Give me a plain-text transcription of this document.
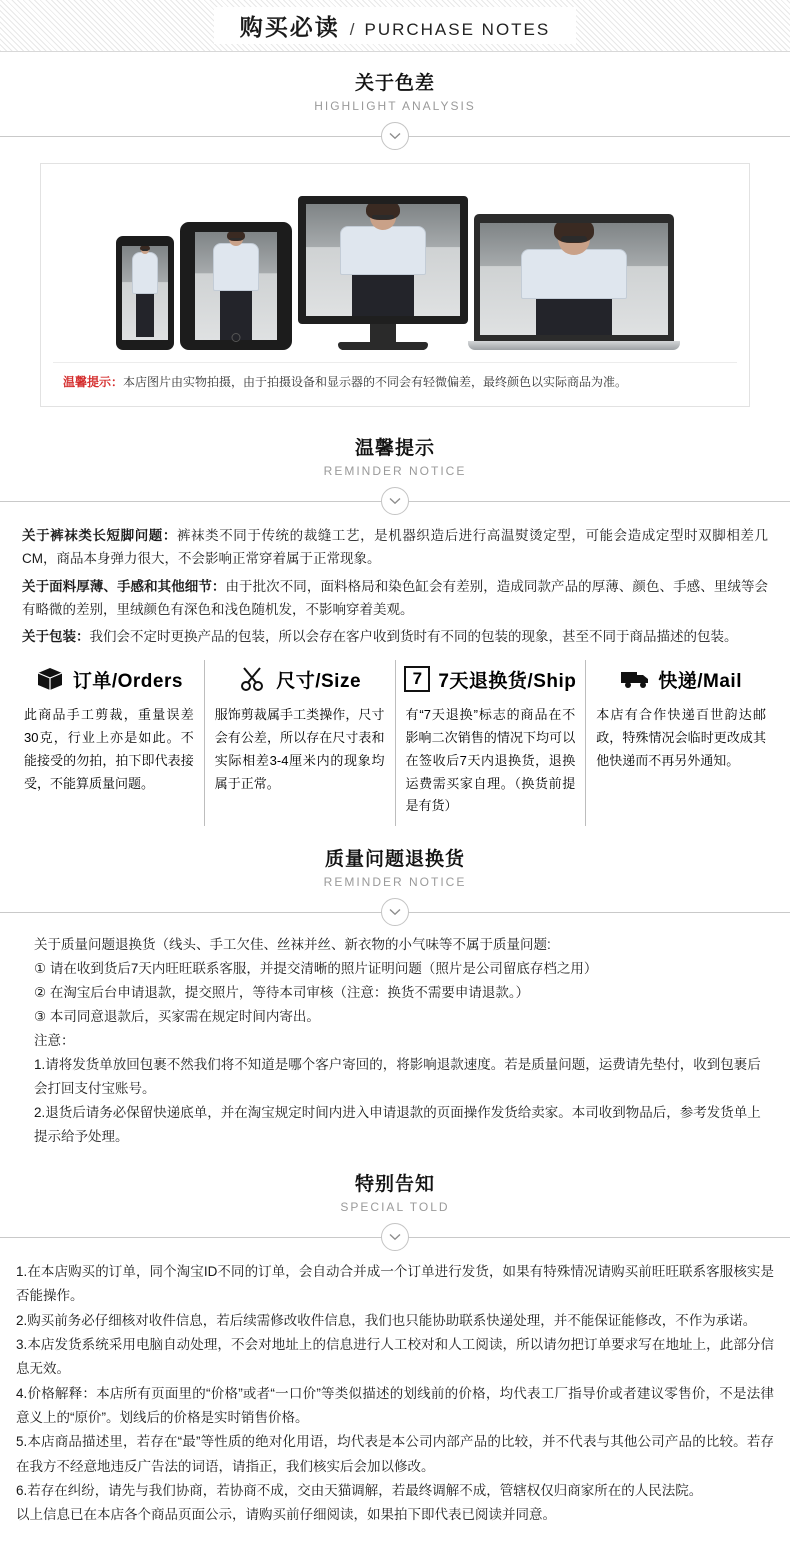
购买必读 / PURCHASE NOTES
关于色差
HIGHLIGHT ANALYSIS
温馨提示：本店图片由实物拍摄，由于拍摄设备和显示器的不同会有轻微偏差，最终颜色以实际商品为准。
温馨提示
REMINDER NOTICE

关于裤袜类长短脚问题：裤袜类不同于传统的裁缝工艺，是机器织造后进行高温熨烫定型，可能会造成定型时双脚相差几CM，商品本身弹力很大，不会影响正常穿着属于正常现象。

关于面料厚薄、手感和其他细节：由于批次不同，面料格局和染色缸会有差别，造成同款产品的厚薄、颜色、手感、里绒等会有略微的差别，里绒颜色有深色和浅色随机发，不影响穿着美观。

关于包装：我们会不定时更换产品的包装，所以会存在客户收到货时有不同的包装的现象，甚至不同于商品描述的包装。

订单/Orders
此商品手工剪裁，重量误差30克，行业上亦是如此。不能接受的勿拍，拍下即代表接受，不能算质量问题。
尺寸/Size
服饰剪裁属手工类操作，尺寸会有公差，所以存在尺寸表和实际相差3-4厘米内的现象均属于正常。
7 7天退换货/Ship
有“7天退换”标志的商品在不影响二次销售的情况下均可以在签收后7天内退换货，退换运费需买家自理。（换货前提是有货）
快递/Mail
本店有合作快递百世韵达邮政，特殊情况会临时更改成其他快递而不再另外通知。
质量问题退换货
REMINDER NOTICE
关于质量问题退换货（线头、手工欠佳、丝袜并丝、新衣物的小气味等不属于质量问题:
① 请在收到货后7天内旺旺联系客服，并提交清晰的照片证明问题（照片是公司留底存档之用）
② 在淘宝后台申请退款，提交照片，等待本司审核（注意：换货不需要申请退款。）
③ 本司同意退款后，买家需在规定时间内寄出。
注意：
1.请将发货单放回包裹不然我们将不知道是哪个客户寄回的，将影响退款速度。若是质量问题，运费请先垫付，收到包裹后会打回支付宝账号。
2.退货后请务必保留快递底单，并在淘宝规定时间内进入申请退款的页面操作发货给卖家。本司收到物品后，参考发货单上提示给予处理。
特别告知
SPECIAL TOLD
1.在本店购买的订单，同个淘宝ID不同的订单，会自动合并成一个订单进行发货，如果有特殊情况请购买前旺旺联系客服核实是否能操作。
2.购买前务必仔细核对收件信息，若后续需修改收件信息，我们也只能协助联系快递处理，并不能保证能修改，不作为承诺。
3.本店发货系统采用电脑自动处理，不会对地址上的信息进行人工校对和人工阅读，所以请勿把订单要求写在地址上，此部分信息无效。
4.价格解释：本店所有页面里的“价格”或者“一口价”等类似描述的划线前的价格，均代表工厂指导价或者建议零售价，不是法律意义上的“原价”。划线后的价格是实时销售价格。
5.本店商品描述里，若存在“最”等性质的绝对化用语，均代表是本公司内部产品的比较，并不代表与其他公司产品的比较。若存在我方不经意地违反广告法的词语，请指正，我们核实后会加以修改。
6.若存在纠纷，请先与我们协商，若协商不成，交由天猫调解，若最终调解不成，管辖权仅归商家所在的人民法院。
以上信息已在本店各个商品页面公示，请购买前仔细阅读，如果拍下即代表已阅读并同意。
